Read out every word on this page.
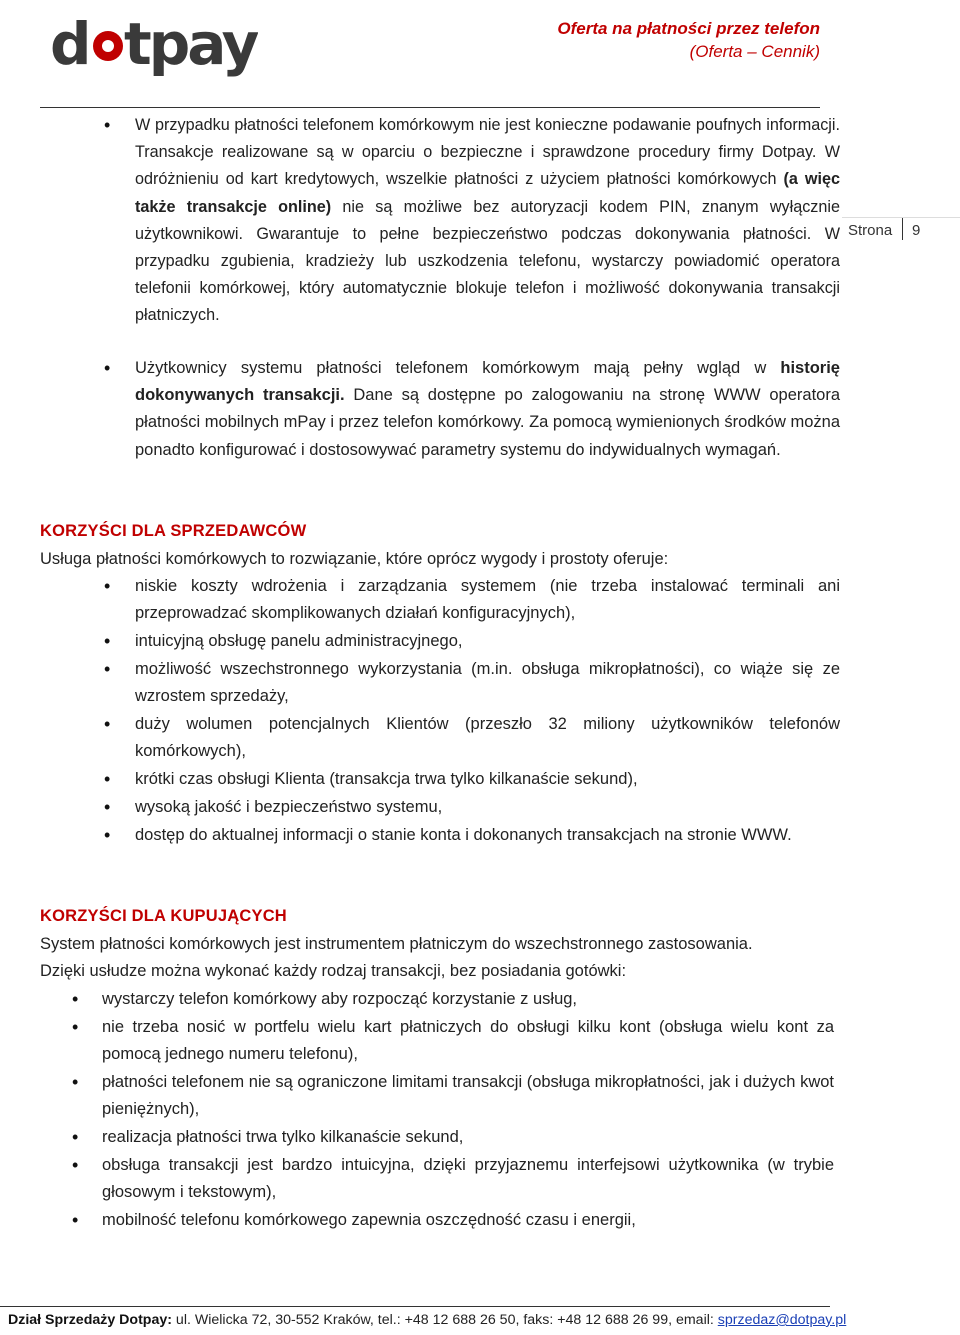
d tpay	Oferta na płatności przez telefon
(Oferta – Cennik)
Strona 9
• W przypadku płatności telefonem komórkowym nie jest konieczne podawanie poufnych informacji. Transakcje realizowane są w oparciu o bezpieczne i sprawdzone procedury firmy Dotpay. W odróżnieniu od kart kredytowych, wszelkie płatności z użyciem płatności komórkowych (a więc także transakcje online) nie są możliwe bez autoryzacji kodem PIN, znanym wyłącznie użytkownikowi. Gwarantuje to pełne bezpieczeństwo podczas dokonywania płatności. W przypadku zgubienia, kradzieży lub uszkodzenia telefonu, wystarczy powiadomić operatora telefonii komórkowej, który automatycznie blokuje telefon i możliwość dokonywania transakcji płatniczych.
• Użytkownicy systemu płatności telefonem komórkowym mają pełny wgląd w historię dokonywanych transakcji. Dane są dostępne po zalogowaniu na stronę WWW operatora płatności mobilnych mPay i przez telefon komórkowy. Za pomocą wymienionych środków można ponadto konfigurować i dostosowywać parametry systemu do indywidualnych wymagań.
KORZYŚCI DLA SPRZEDAWCÓW
Usługa płatności komórkowych to rozwiązanie, które oprócz wygody i prostoty oferuje:
• niskie koszty wdrożenia i zarządzania systemem (nie trzeba instalować terminali ani przeprowadzać skomplikowanych działań konfiguracyjnych),
• intuicyjną obsługę panelu administracyjnego,
• możliwość wszechstronnego wykorzystania (m.in. obsługa mikropłatności), co wiąże się ze wzrostem sprzedaży,
• duży wolumen potencjalnych Klientów (przeszło 32 miliony użytkowników telefonów komórkowych),
• krótki czas obsługi Klienta (transakcja trwa tylko kilkanaście sekund),
• wysoką jakość i bezpieczeństwo systemu,
• dostęp do aktualnej informacji o stanie konta i dokonanych transakcjach na stronie WWW.
KORZYŚCI DLA KUPUJĄCYCH
System płatności komórkowych jest instrumentem płatniczym do wszechstronnego zastosowania.
Dzięki usłudze można wykonać każdy rodzaj transakcji, bez posiadania gotówki:
• wystarczy telefon komórkowy aby rozpocząć korzystanie z usług,
• nie trzeba nosić w portfelu wielu kart płatniczych do obsługi kilku kont (obsługa wielu kont za pomocą jednego numeru telefonu),
• płatności telefonem nie są ograniczone limitami transakcji (obsługa mikropłatności, jak i dużych kwot pieniężnych),
• realizacja płatności trwa tylko kilkanaście sekund,
• obsługa transakcji jest bardzo intuicyjna, dzięki przyjaznemu interfejsowi użytkownika (w trybie głosowym i tekstowym),
• mobilność telefonu komórkowego zapewnia oszczędność czasu i energii,
Dział Sprzedaży Dotpay: ul. Wielicka 72, 30-552 Kraków, tel.: +48 12 688 26 50, faks: +48 12 688 26 99, email: sprzedaz@dotpay.pl
